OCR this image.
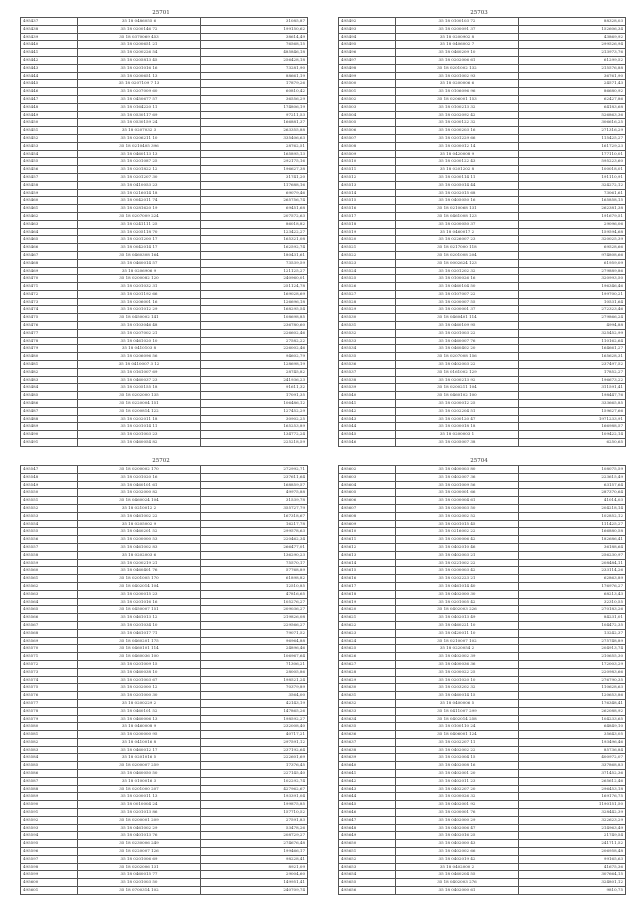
25701
495437	35 18 0486055 6	31085,87
495438	35 18 0200146 72	199150,62
495439	35 18 0370069 453	38614,49
495440	35 18 0200651 21	76568,15
495441	35 18 0200226 54	485846,18
495442	35 18 0205813 45	256428,18
495443	35 18 0201016 16	73281,90
495444	35 18 0200651 13	88661,19
495445	35 18 0207109 7 13	17879,26
495446	35 18 0207009 60	60810,42
495447	35 18 0450677 57	36556,29
495448	35 18 0164220 11	174806,19
495449	35 18 0530117 69	97211,53
495450	35 18 0530159 24	166881,37
495451	35 18 0207032 3	263355,88
495452	35 18 0206211 10	335406,63
495453	35 18 0210405 396	28762,51
495454	35 18 0460113 13	165895,13
495455	35 18 0201087 25	292175,16
495456	35 18 0201822 12	196627,38
495457	35 18 0201207 30	31741,20
495458	35 18 0410053 23	117688,16
495459	35 18 0216014 18	69079,46
495460	35 18 0042011 74	265756,74
495461	35 18 0281620 19	69451,68
495462	35 18 0207009 224	207572,63
495463	35 18 0241111 25	86018,82
495464	35 18 0205118 70	123422,27
495465	35 18 0201200 17	165321,08
495466	35 18 0042014 17	162592,74
495467	35 18 0460308 164	180431,61
495468	35 18 0460014 57	73539,59
495469	35 18 0206906 9	121125,27
495470	35 18 0200082 120	240960,01
495471	35 18 0201032 31	251124,78
495472	35 18 0201192 66	169028,69
495473	35 18 0206001 16	126696,18
495474	35 18 0201012 29	168295,54
495475	35 18 0450002 141	108698,85
495476	35 18 0103046 48	236780,60
495477	35 18 0207002 21	226602,46
495478	35 18 0461020 10	27582,22
495479	35 18 0410103 8	226002,46
495480	35 18 0206096 56	94602,79
495481	35 18 0410007 3 12	128698,19
495482	35 18 0161007 69	28745,82
495483	35 18 0460037 23	241936,23
495484	35 18 0205155 18	91611,32
495485	35 18 0202000 135	17091,35
495486	35 18 0220004 151	106486,12
495487	35 18 0200814 122	127452,29
495488	35 18 0202011 18	30902,25
495489	35 18 0201014 11	165253,89
495490	35 18 0201003 23	134772,24
495491	35 18 0460054 82	225218,59
25703
495492	35 18 0100103 72	88328,03
495493	35 18 0200091 37	152606,34
495494	35 18 0200902 8	43869,92
495495	35 18 0406002 7	299526,94
495496	35 18 0460209 10	213973,76
495497	35 18 0202006 61	61299,52
495498	35 18 0201002 132	215576,88
495499	35 18 0201002 93	36761,90
495500	35 18 0200006 6	24571,43
495501	35 18 0106096 96	86680,92
495502	35 18 0206001 153	62427,86
495503	35 18 0100213 32	64183,68
495504	35 18 0202092 42	526863,36
495505	35 18 0200122 32	306616,25
495506	35 18 0200203 16	271316,29
495507	35 18 0201229 66	115425,27
495508	35 18 0200012 14	161729,23
495509	35 18 0420008 9	177110,01
495510	35 18 0200122 43	595223,60
495511	35 18 0201202 8	100018,01
495512	35 18 0200114 11	191110,91
495513	35 18 0205014 44	324272,12
495514	35 18 0202015 68	73061,61
495515	35 18 0405050 16	165858,15
495516	35 18 0210068 131	262381,38
495517	35 18 0461008 123	191679,51
495518	35 18 0200050 37	29096,06
495519	35 18 0460017 2	159594,68
495520	35 18 0226007 23	320025,39
495521	35 18 0217000 118	69528,66
495522	35 18 0201008 204	974808,66
495523	35 18 0002624 123	61959,09
495524	35 18 0201202 32	279889,86
495525	35 18 0100026 16	320993,50
495526	35 18 0460104 50	196346,46
495527	35 18 0107007 22	199700,21
495528	35 18 0200007 55	10531,64
495529	35 18 0200001 37	272323,46
495530	35 18 0460401 114	279866,24
495531	35 18 0460109 95	4994,88
495532	35 18 0201003 22	325452,99
495533	35 18 0460007 76	110162,64
495534	35 18 0460402 20	164661,27
495535	35 18 0207008 156	165628,31
495536	35 18 0402003 22	237497,52
495537	35 18 0161002 129	17852,27
495538	35 18 0200213 92	196673,22
495539	35 18 0200211 104	311591,41
495540	35 18 0460102 100	198447,76
495541	35 18 0200012 25	333665,85
495542	35 18 0202204 51	159627,66
495543	35 18 0200120 47	1971233,91
495544	35 18 0200018 18	166988,57
495545	35 18 0200003 1	109422,14
495546	35 18 0205007 38	6250,65
25702
495547	35 18 0200002 170	272992,71
495548	35 18 0201020 16	237611,64
495549	35 18 0460101 61	168859,57
495550	35 18 0202000 82	49975,88
495551	35 18 0460024 104	31539,78
495552	35 18 0210012 2	355727,79
495553	35 18 0461002 22	167318,67
495554	35 18 0205002 9	16217,78
495555	35 18 0460201 52	299578,63
495556	35 18 0200000 53	220462,34
495557	35 18 0461002 83	266477,01
495558	35 18 0202003 6	136290,23
495559	35 18 0200219 21	75570,17
495560	35 18 0460401 76	57768,89
495561	35 18 0201005 170	61898,82
495562	35 18 0402014 104	12510,85
495563	35 18 0200015 23	47816,65
495564	35 18 0201016 16	105276,27
495565	35 18 0450007 151	209036,27
495566	35 18 0461013 12	219826,08
495567	35 18 0201034 10	229566,27
495568	35 18 0461017 71	79071,52
495569	35 18 0460201 175	96964,88
495570	35 18 0460101 114	24896,46
495571	35 18 0460036 100	106967,64
495572	35 18 0201009 15	71306,21
495573	35 18 0460038 10	28005,86
495574	35 18 0201003 67	198521,24
495575	35 18 0202000 12	70379,89
495576	35 18 0201000 30	3564,00
495577	35 18 0200229 2	42143,19
495578	35 18 0460101 52	147865,26
495579	35 18 0460006 13	198592,27
495580	35 18 0460008 9	232008,40
495581	35 18 0200000 95	40717,21
495582	35 18 0410016 8	297591,12
495583	35 18 0460012 17	237192,64
495584	35 18 0201016 5	222601,69
495585	35 18 0200007 259	17376,45
495586	35 18 0460050 50	227145,40
495587	35 18 0100016 3	102292,74
495588	35 18 0201000 207	427962,67
495589	35 18 0200011 13	193391,04
495590	35 18 0010004 24	199875,85
495591	35 18 0201013 86	157710,52
495592	35 18 0200001 209	27591,83
495593	35 18 0461002 29	53478,26
495594	35 18 0401013 76	208729,27
495595	35 18 0230006 249	274676,48
495596	35 18 0220007 126	199466,17
495597	35 18 0201006 69	98228,41
495598	35 18 0202006 131	8921,09
495599	35 18 0460015 77	29004,60
495600	35 18 0201003 50	149951,41
495601	35 18 0700314 102	240709,74
25704
495602	35 18 0400003 80	108075,59
495603	35 18 0402007 36	223615,49
495604	35 18 0201009 56	63157,64
495605	35 18 0200001 66	287370,64
495606	35 18 0200004 61	41014,03
495607	35 18 0200003 50	204218,14
495608	35 18 0202002 52	102852,12
495609	35 18 0201015 45	111425,27
495610	35 18 0216002 22	166880,58
495611	35 18 0200006 42	182686,41
495612	35 18 0402010 46	36188,64
495613	35 18 0402003 21	256230,97
495614	35 18 0221002 22	208484,11
495615	35 18 0200003 42	233114,26
495616	35 18 0202223 21	62863,89
495617	35 18 0461014 40	176976,27
495618	35 18 0402000 30	68213,43
495619	35 18 0201005 42	32310,55
495620	35 18 0402003 226	270183,26
495621	35 18 0402013 49	84231,01
495622	35 18 0460221 10	104472,35
495623	35 18 0420011 10	13242,37
495624	35 18 0210007 102	275748,89
495625	35 18 0220054 2	204913,74
495626	35 18 0402002 39	210655,30
495627	35 18 0400036 36	172003,29
495628	35 18 0200022 25	220983,66
495629	35 18 0201020 10	276790,35
495630	35 18 0203202 32	110628,63
495631	35 18 0460014 15	120653,86
495632	35 18 0400006 5	176348,41
495633	35 18 0411007 299	262088,92
495634	35 18 0402014 258	104233,65
495635	35 18 0100110 24	64849,10
495636	35 18 0406001 124	35643,05
495637	35 18 0202207 11	193496,46
495638	35 18 0402002 22	85736,84
495639	35 18 0202004 15	400972,07
495640	35 18 0402008 16	337868,83
495641	35 18 0402001 20	371452,36
495642	35 18 0402011 23	265612,46
495643	35 18 0402207 20	296453,18
495644	35 18 0200026 32	169176,75
495645	35 18 0402001 92	1190151,50
495646	35 18 0200001 76	328442,39
495647	35 18 0402000 29	322623,29
495648	35 18 0402006 47	214963,49
495649	35 18 0402016 25	21749,54
495650	35 18 0402000 43	241711,52
495651	35 18 0402002 66	206958,48
495652	35 18 0402019 42	99165,63
495653	35 18 0402000 2	41675,36
495654	35 18 0460204 55	307664,15
495655	35 18 0402003 276	324801,12
495656	35 18 0402000 61	9810,75
